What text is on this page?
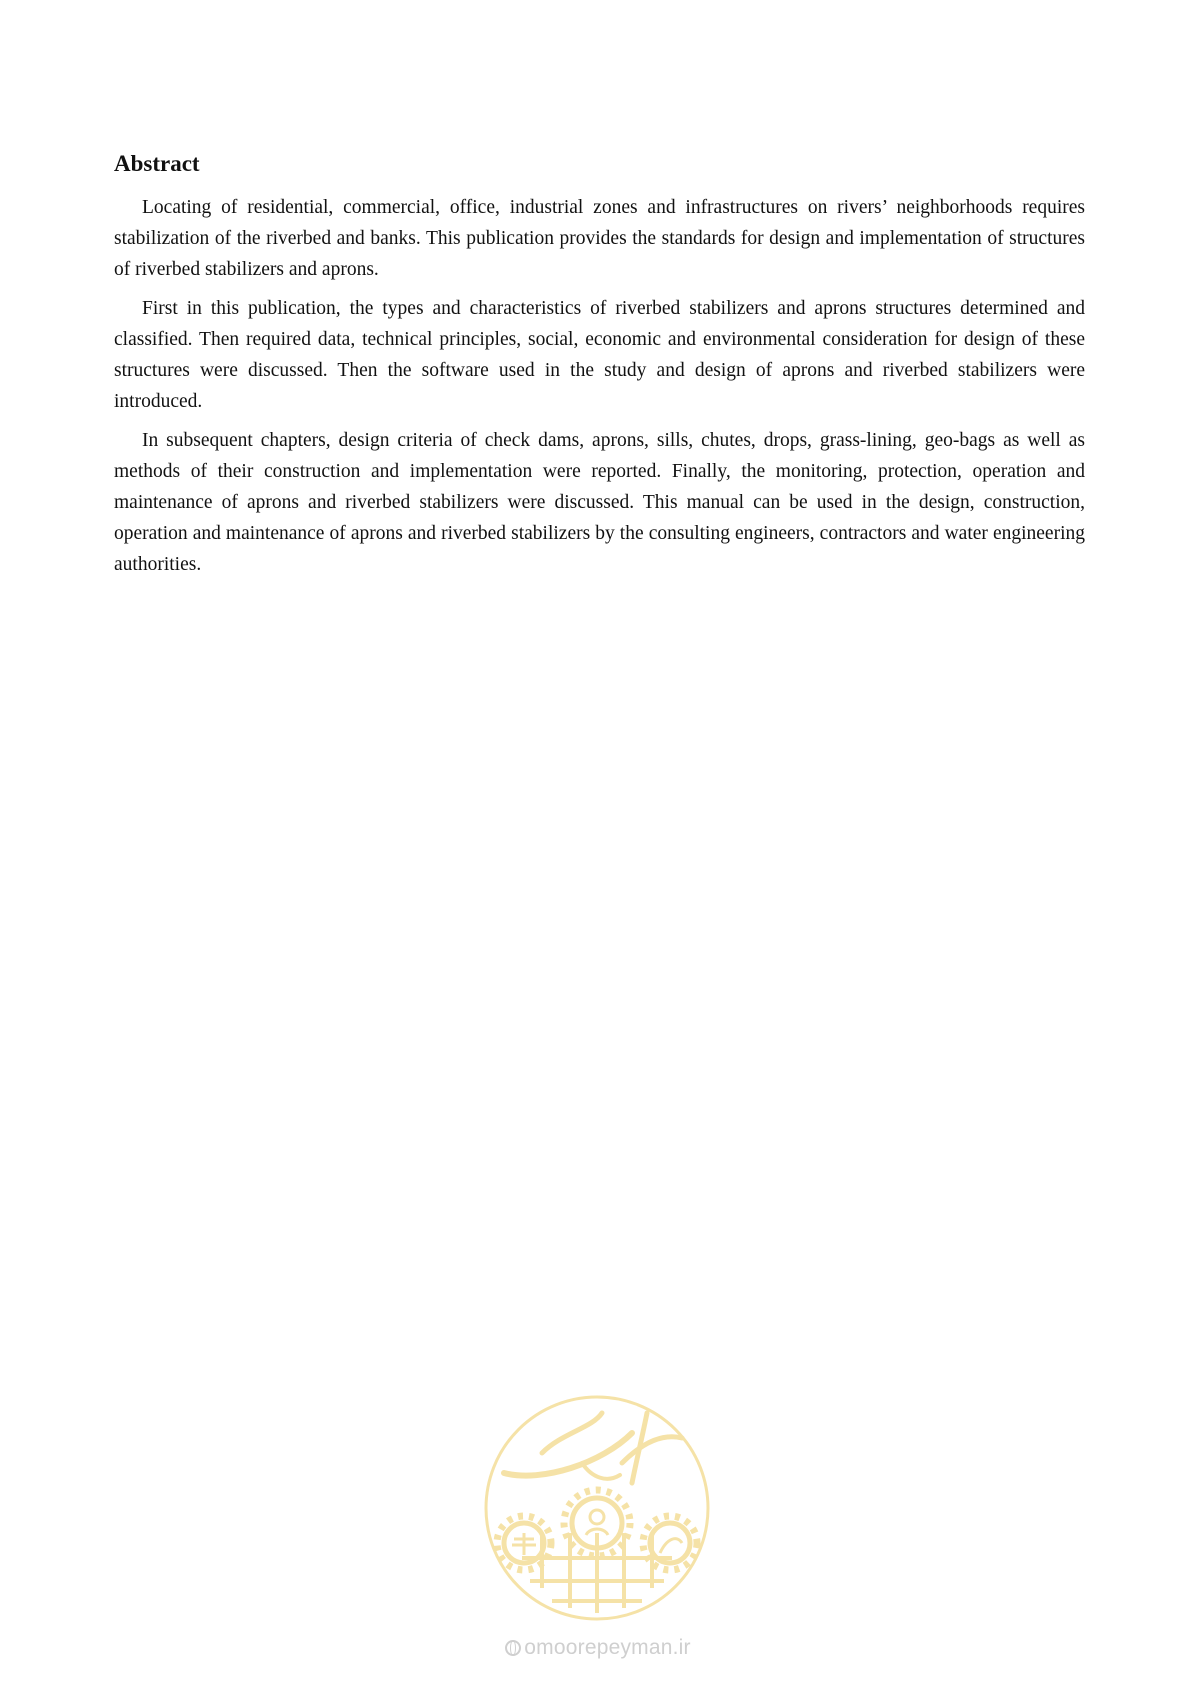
Abstract

Locating of residential, commercial, office, industrial zones and infrastructures on rivers’ neighborhoods requires stabilization of the riverbed and banks. This publication provides the standards for design and implementation of structures of riverbed stabilizers and aprons.

First in this publication, the types and characteristics of riverbed stabilizers and aprons structures determined and classified. Then required data, technical principles, social, economic and environmental consideration for design of these structures were discussed. Then the software used in the study and design of aprons and riverbed stabilizers were introduced.

In subsequent chapters, design criteria of check dams, aprons, sills, chutes, drops, grass-lining, geo-bags as well as methods of their construction and implementation were reported. Finally, the monitoring, protection, operation and maintenance of aprons and riverbed stabilizers were discussed. This manual can be used in the design, construction, operation and maintenance of aprons and riverbed stabilizers by the consulting engineers, contractors and water engineering authorities.

omoorepeyman.ir
